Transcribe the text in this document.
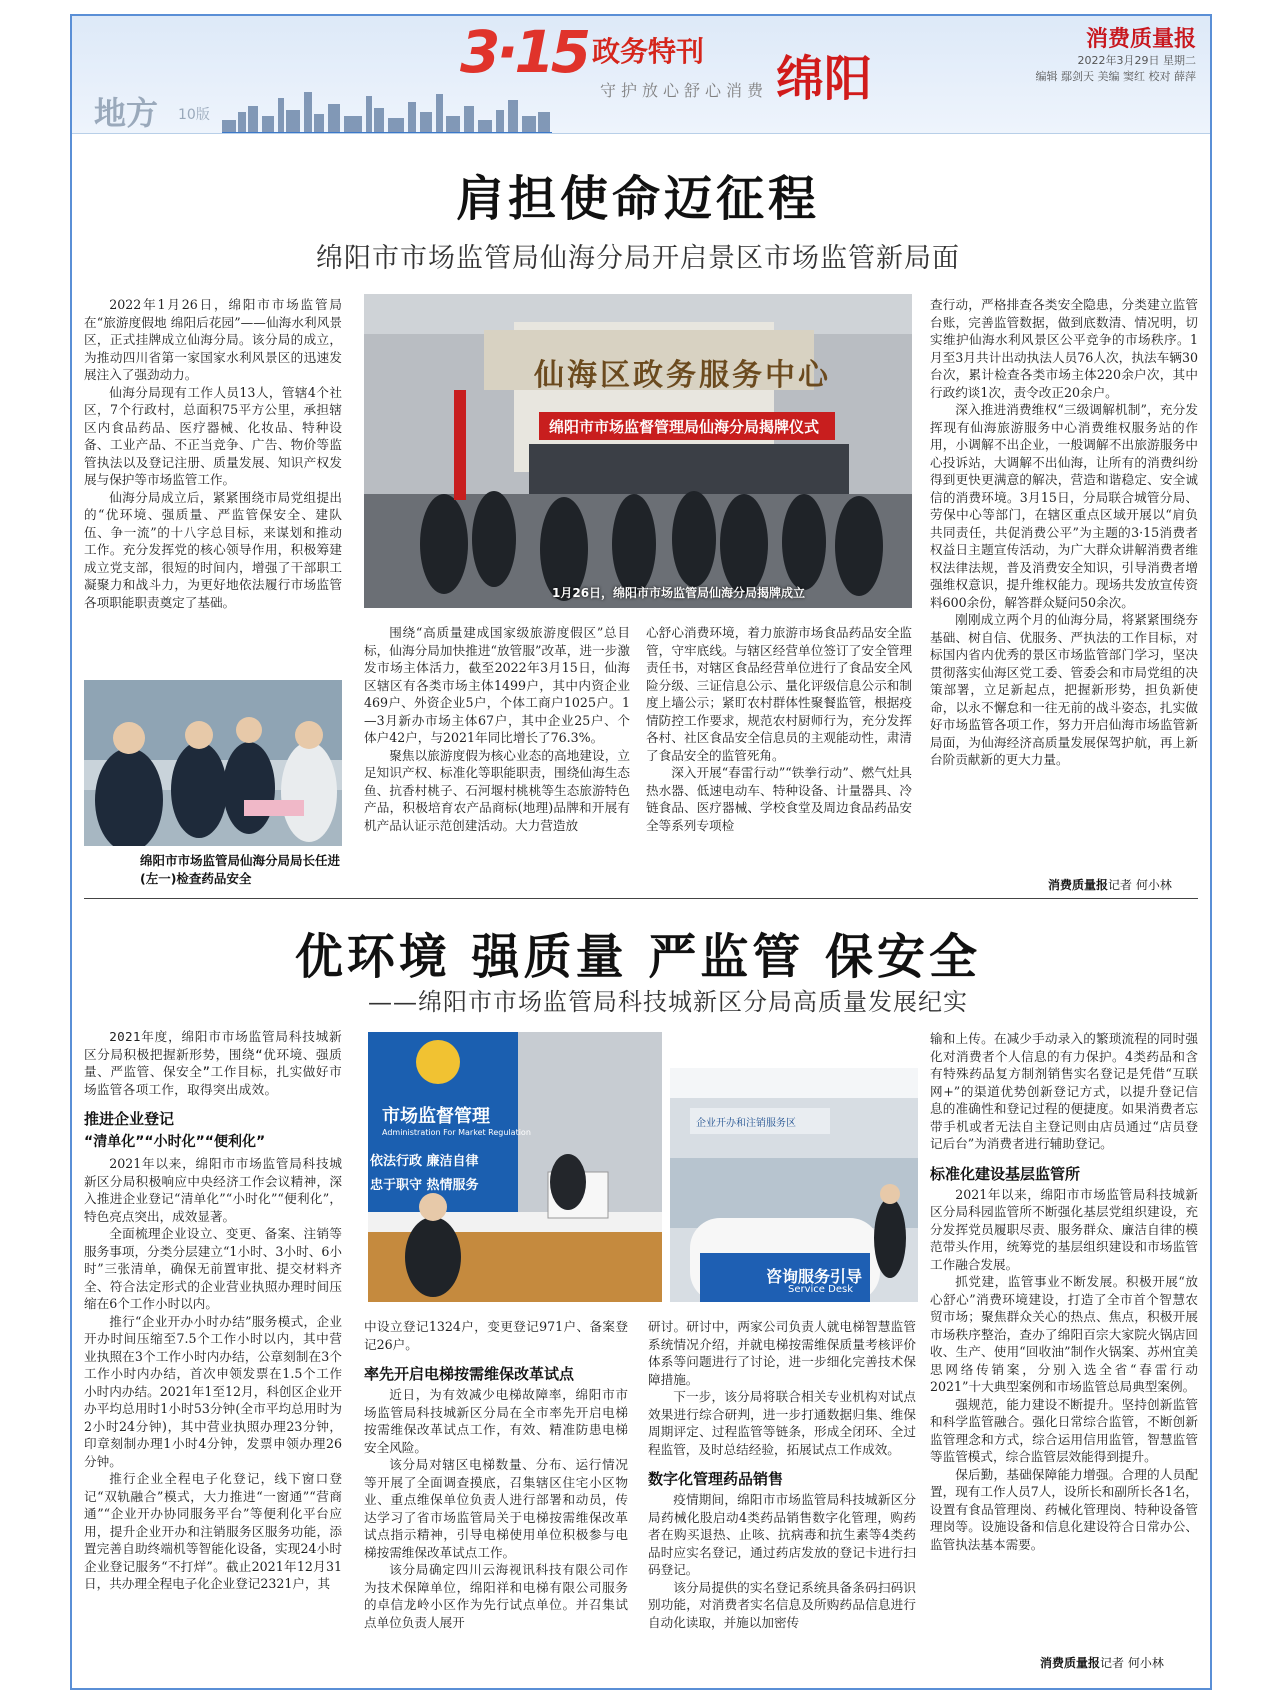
地方 10版
3·15 政务特刊
守护放心舒心消费 绵阳
消费质量报
2022年3月29日 星期二
编辑 鄢剑天 美编 窦红 校对 薛萍
肩担使命迈征程
绵阳市市场监管局仙海分局开启景区市场监管新局面

2022年1月26日，绵阳市市场监管局在“旅游度假地 绵阳后花园”——仙海水利风景区，正式挂牌成立仙海分局。该分局的成立，为推动四川省第一家国家水利风景区的迅速发展注入了强劲动力。

仙海分局现有工作人员13人，管辖4个社区，7个行政村，总面积75平方公里，承担辖区内食品药品、医疗器械、化妆品、特种设备、工业产品、不正当竞争、广告、物价等监管执法以及登记注册、质量发展、知识产权发展与保护等市场监管工作。

仙海分局成立后，紧紧围绕市局党组提出的“优环境、强质量、严监管保安全、建队伍、争一流”的十八字总目标，来谋划和推动工作。充分发挥党的核心领导作用，积极筹建成立党支部，很短的时间内，增强了干部职工凝聚力和战斗力，为更好地依法履行市场监管各项职能职责奠定了基础。

仙海区政务服务中心
绵阳市市场监督管理局仙海分局揭牌仪式
1月26日，绵阳市市场监管局仙海分局揭牌成立
绵阳市市场监管局仙海分局局长任进(左一)检查药品安全

围绕“高质量建成国家级旅游度假区”总目标，仙海分局加快推进“放管服”改革，进一步激发市场主体活力，截至2022年3月15日，仙海区辖区有各类市场主体1499户，其中内资企业469户、外资企业5户，个体工商户1025户。1—3月新办市场主体67户，其中企业25户、个体户42户，与2021年同比增长了76.3%。

聚焦以旅游度假为核心业态的高地建设，立足知识产权、标准化等职能职责，围绕仙海生态鱼、抗香村桃子、石河堰村桃桃等生态旅游特色产品，积极培育农产品商标(地理)品牌和开展有机产品认证示范创建活动。大力营造放

心舒心消费环境，着力旅游市场食品药品安全监管，守牢底线。与辖区经营单位签订了安全管理责任书，对辖区食品经营单位进行了食品安全风险分级、三证信息公示、量化评级信息公示和制度上墙公示；紧盯农村群体性聚餐监管，根据疫情防控工作要求，规范农村厨师行为，充分发挥各村、社区食品安全信息员的主观能动性，肃清了食品安全的监管死角。

深入开展“春雷行动”“铁拳行动”、燃气灶具热水器、低速电动车、特种设备、计量器具、冷链食品、医疗器械、学校食堂及周边食品药品安全等系列专项检

查行动，严格排查各类安全隐患，分类建立监管台账，完善监管数据，做到底数清、情况明，切实维护仙海水利风景区公平竞争的市场秩序。1月至3月共计出动执法人员76人次，执法车辆30台次，累计检查各类市场主体220余户次，其中行政约谈1次，责令改正20余户。

深入推进消费维权“三级调解机制”，充分发挥现有仙海旅游服务中心消费维权服务站的作用，小调解不出企业，一般调解不出旅游服务中心投诉站，大调解不出仙海，让所有的消费纠纷得到更快更满意的解决，营造和谐稳定、安全诚信的消费环境。3月15日，分局联合城管分局、劳保中心等部门，在辖区重点区域开展以“肩负共同责任，共促消费公平”为主题的3·15消费者权益日主题宣传活动，为广大群众讲解消费者维权法律法规，普及消费安全知识，引导消费者增强维权意识，提升维权能力。现场共发放宣传资料600余份，解答群众疑问50余次。

刚刚成立两个月的仙海分局，将紧紧围绕夯基础、树自信、优服务、严执法的工作目标，对标国内省内优秀的景区市场监管部门学习，坚决贯彻落实仙海区党工委、管委会和市局党组的决策部署，立足新起点，把握新形势，担负新使命，以永不懈怠和一往无前的战斗姿态，扎实做好市场监管各项工作，努力开启仙海市场监管新局面，为仙海经济高质量发展保驾护航，再上新台阶贡献新的更大力量。

消费质量报记者 何小林
优环境 强质量 严监管 保安全
——绵阳市市场监管局科技城新区分局高质量发展纪实

2021年度，绵阳市市场监管局科技城新区分局积极把握新形势，围绕“优环境、强质量、严监管、保安全”工作目标，扎实做好市场监管各项工作，取得突出成效。

推进企业登记
“清单化”“小时化”“便利化”

2021年以来，绵阳市市场监管局科技城新区分局积极响应中央经济工作会议精神，深入推进企业登记“清单化”“小时化”“便利化”，特色亮点突出，成效显著。

全面梳理企业设立、变更、备案、注销等服务事项，分类分层建立“1小时、3小时、6小时”三张清单，确保无前置审批、提交材料齐全、符合法定形式的企业营业执照办理时间压缩在6个工作小时以内。

推行“企业开办小时办结”服务模式，企业开办时间压缩至7.5个工作小时以内，其中营业执照在3个工作小时内办结，公章刻制在3个工作小时内办结，首次申领发票在1.5个工作小时内办结。2021年1至12月，科创区企业开办平均总用时1小时53分钟(全市平均总用时为2小时24分钟)，其中营业执照办理23分钟，印章刻制办理1小时4分钟，发票申领办理26分钟。

推行企业全程电子化登记，线下窗口登记“双轨融合”模式，大力推进“一窗通”“营商通”“企业开办协同服务平台”等便利化平台应用，提升企业开办和注销服务区服务功能，添置完善自助终端机等智能化设备，实现24小时企业登记服务“不打烊”。截止2021年12月31日，共办理全程电子化企业登记2321户，其

市场监督管理
Administration For Market Regulation
依法行政 廉洁自律
忠于职守 热情服务
企业开办和注销服务区
咨询服务引导
Service Desk

中设立登记1324户，变更登记971户、备案登记26户。

率先开启电梯按需维保改革试点

近日，为有效减少电梯故障率，绵阳市市场监管局科技城新区分局在全市率先开启电梯按需维保改革试点工作，有效、精准防患电梯安全风险。

该分局对辖区电梯数量、分布、运行情况等开展了全面调查摸底，召集辖区住宅小区物业、重点维保单位负责人进行部署和动员，传达学习了省市场监管局关于电梯按需维保改革试点指示精神，引导电梯使用单位积极参与电梯按需维保改革试点工作。

该分局确定四川云海视讯科技有限公司作为技术保障单位，绵阳祥和电梯有限公司服务的卓信龙岭小区作为先行试点单位。并召集试点单位负责人展开

研讨。研讨中，两家公司负责人就电梯智慧监管系统情况介绍，并就电梯按需维保质量考核评价体系等问题进行了讨论，进一步细化完善技术保障措施。

下一步，该分局将联合相关专业机构对试点效果进行综合研判，进一步打通数据归集、维保周期评定、过程监管等链条，形成全闭环、全过程监管，及时总结经验，拓展试点工作成效。

数字化管理药品销售

疫情期间，绵阳市市场监管局科技城新区分局药械化股启动4类药品销售数字化管理，购药者在购买退热、止咳、抗病毒和抗生素等4类药品时应实名登记，通过药店发放的登记卡进行扫码登记。

该分局提供的实名登记系统具备条码扫码识别功能，对消费者实名信息及所购药品信息进行自动化读取，并施以加密传

输和上传。在减少手动录入的繁琐流程的同时强化对消费者个人信息的有力保护。4类药品和含有特殊药品复方制剂销售实名登记是凭借“互联网+”的渠道优势创新登记方式，以提升登记信息的准确性和登记过程的便捷度。如果消费者忘带手机或者无法自主登记则由店员通过“店员登记后台”为消费者进行辅助登记。

标准化建设基层监管所

2021年以来，绵阳市市场监管局科技城新区分局科园监管所不断强化基层党组织建设，充分发挥党员履职尽责、服务群众、廉洁自律的模范带头作用，统筹党的基层组织建设和市场监管工作融合发展。

抓党建，监管事业不断发展。积极开展“放心舒心”消费环境建设，打造了全市首个智慧农贸市场；聚焦群众关心的热点、焦点，积极开展市场秩序整治，查办了绵阳百宗大家院火锅店回收、生产、使用“回收油”制作火锅案、苏州宜美思网络传销案，分别入选全省“春雷行动2021”十大典型案例和市场监管总局典型案例。

强规范，能力建设不断提升。坚持创新监管和科学监管融合。强化日常综合监管，不断创新监管理念和方式，综合运用信用监管，智慧监管等监管模式，综合监管层效能得到提升。

保后勤，基础保障能力增强。合理的人员配置，现有工作人员7人，设所长和副所长各1名，设置有食品管理岗、药械化管理岗、特种设备管理岗等。设施设备和信息化建设符合日常办公、监管执法基本需要。

消费质量报记者 何小林
